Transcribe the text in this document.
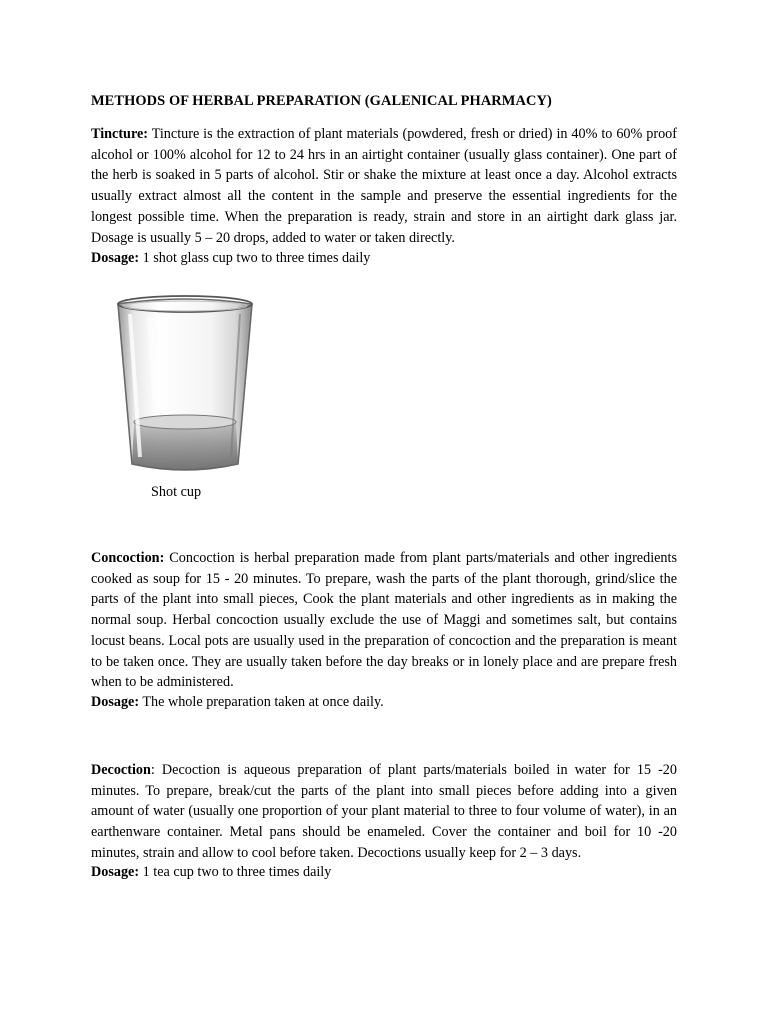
METHODS OF HERBAL PREPARATION (GALENICAL PHARMACY)
Tincture: Tincture is the extraction of plant materials (powdered, fresh or dried) in 40% to 60% proof alcohol or 100% alcohol for 12 to 24 hrs in an airtight container (usually glass container). One part of the herb is soaked in 5 parts of alcohol. Stir or shake the mixture at least once a day. Alcohol extracts usually extract almost all the content in the sample and preserve the essential ingredients for the longest possible time. When the preparation is ready, strain and store in an airtight dark glass jar. Dosage is usually 5 – 20 drops, added to water or taken directly.
Dosage: 1 shot glass cup two to three times daily
Shot cup
Concoction: Concoction is herbal preparation made from plant parts/materials and other ingredients cooked as soup for 15 - 20 minutes. To prepare, wash the parts of the plant thorough, grind/slice the parts of the plant into small pieces, Cook the plant materials and other ingredients as in making the normal soup. Herbal concoction usually exclude the use of Maggi and sometimes salt, but contains locust beans. Local pots are usually used in the preparation of concoction and the preparation is meant to be taken once. They are usually taken before the day breaks or in lonely place and are prepare fresh when to be administered.
Dosage: The whole preparation taken at once daily.
Decoction: Decoction is aqueous preparation of plant parts/materials boiled in water for 15 -20 minutes. To prepare, break/cut the parts of the plant into small pieces before adding into a given amount of water (usually one proportion of your plant material to three to four volume of water), in an earthenware container. Metal pans should be enameled. Cover the container and boil for 10 -20 minutes, strain and allow to cool before taken. Decoctions usually keep for 2 – 3 days.
Dosage: 1 tea cup two to three times daily
